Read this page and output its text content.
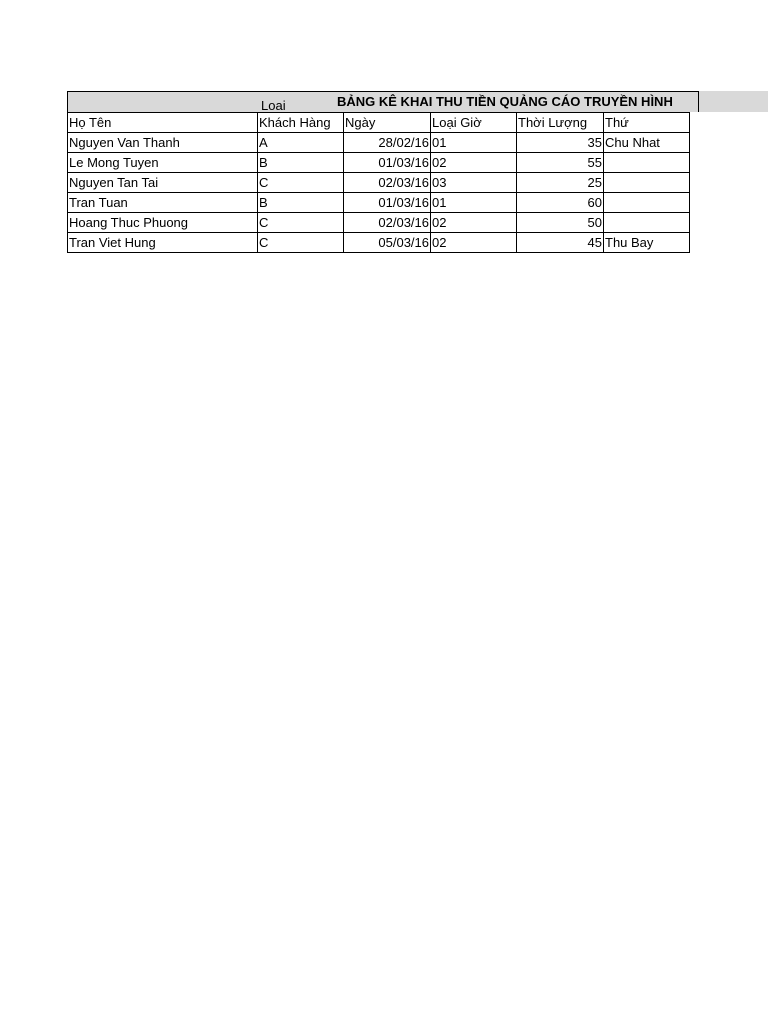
Loai	BẢNG KÊ KHAI THU TIỀN QUẢNG CÁO TRUYỀN HÌNH
Họ Tên	Khách Hàng	Ngày	Loại Giờ	Thời Lượng	Thứ
Nguyen Van Thanh	A	28/02/16	01	35	Chu Nhat
Le Mong Tuyen	B	01/03/16	02	55	
Nguyen Tan Tai	C	02/03/16	03	25	
Tran Tuan	B	01/03/16	01	60	
Hoang Thuc Phuong	C	02/03/16	02	50	
Tran Viet Hung	C	05/03/16	02	45	Thu Bay
